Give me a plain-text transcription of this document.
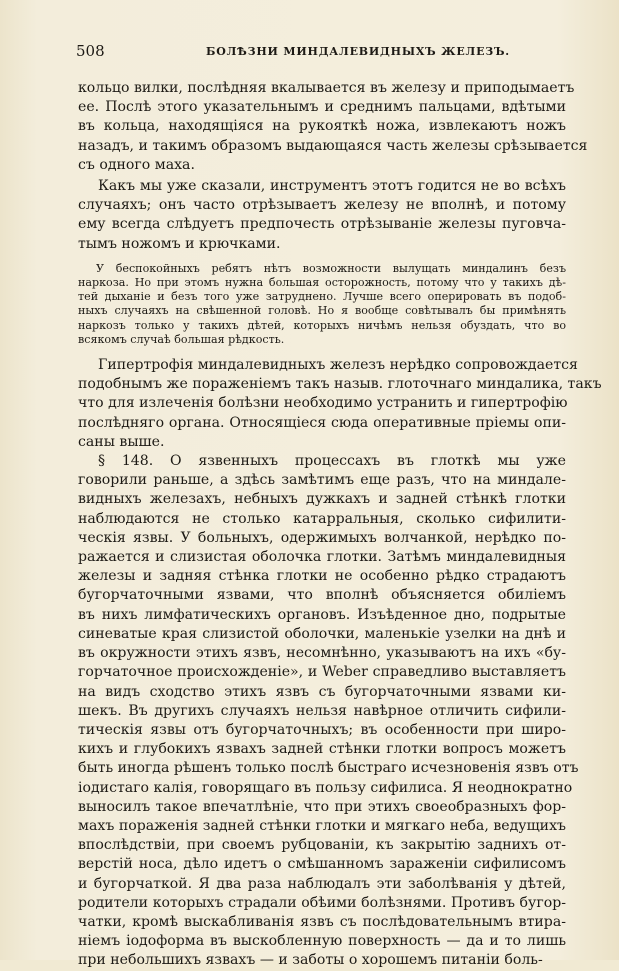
508	БОЛѢЗНИ МИНДАЛЕВИДНЫХЪ ЖЕЛЕЗЪ.
кольцо вилки, послѣдняя вкалывается въ железу и приподымаетъ
ее. Послѣ этого указательнымъ и среднимъ пальцами, вдѣтыми
въ кольца, находящіяся на рукояткѣ ножа, извлекаютъ ножъ
назадъ, и такимъ образомъ выдающаяся часть железы срѣзывается
съ одного маха.
Какъ мы уже сказали, инструментъ этотъ годится не во всѣхъ
случаяхъ; онъ часто отрѣзываетъ железу не вполнѣ, и потому
ему всегда слѣдуетъ предпочесть отрѣзываніе железы пуговча-
тымъ ножомъ и крючками.
У беспокойныхъ ребятъ нѣтъ возможности вылущать миндалинъ безъ
наркоза. Но при этомъ нужна большая осторожность, потому что у такихъ дѣ-
тей дыханіе и безъ того уже затруднено. Лучше всего оперировать въ подоб-
ныхъ случаяхъ на свѣшенной головѣ. Но я вообще совѣтывалъ бы примѣнять
наркозъ только у такихъ дѣтей, которыхъ ничѣмъ нельзя обуздать, что во
всякомъ случаѣ большая рѣдкость.
Гипертрофія миндалевидныхъ железъ нерѣдко сопровождается
подобнымъ же пораженіемъ такъ назыв. глоточнаго миндалика, такъ
что для излеченія болѣзни необходимо устранить и гипертрофію
послѣдняго органа. Относящіеся сюда оперативные пріемы опи-
саны выше.
§ 148. О язвенныхъ процессахъ въ глоткѣ мы уже
говорили раньше, а здѣсь замѣтимъ еще разъ, что на миндале-
видныхъ железахъ, небныхъ дужкахъ и задней стѣнкѣ глотки
наблюдаются не столько катарральныя, сколько сифилити-
ческія язвы. У больныхъ, одержимыхъ волчанкой, нерѣдко по-
ражается и слизистая оболочка глотки. Затѣмъ миндалевидныя
железы и задняя стѣнка глотки не особенно рѣдко страдаютъ
бугорчаточными язвами, что вполнѣ объясняется обиліемъ
въ нихъ лимфатическихъ органовъ. Изъѣденное дно, подрытые
синеватые края слизистой оболочки, маленькіе узелки на днѣ и
въ окружности этихъ язвъ, несомнѣнно, указываютъ на ихъ «бу-
горчаточное происхожденіе», и Weber справедливо выставляетъ
на видъ сходство этихъ язвъ съ бугорчаточными язвами ки-
шекъ. Въ другихъ случаяхъ нельзя навѣрное отличить сифили-
тическія язвы отъ бугорчаточныхъ; въ особенности при широ-
кихъ и глубокихъ язвахъ задней стѣнки глотки вопросъ можетъ
быть иногда рѣшенъ только послѣ быстраго исчезновенія язвъ отъ
іодистаго калія, говорящаго въ пользу сифилиса. Я неоднократно
выносилъ такое впечатлѣніе, что при этихъ своеобразныхъ фор-
махъ пораженія задней стѣнки глотки и мягкаго неба, ведущихъ
впослѣдствіи, при своемъ рубцованіи, къ закрытію заднихъ от-
верстій носа, дѣло идетъ о смѣшанномъ зараженіи сифилисомъ
и бугорчаткой. Я два раза наблюдалъ эти заболѣванія у дѣтей,
родители которыхъ страдали обѣими болѣзнями. Противъ бугор-
чатки, кромѣ выскабливанія язвъ съ послѣдовательнымъ втира-
ніемъ іодоформа въ выскобленную поверхность — да и то лишь
при небольшихъ язвахъ — и заботы о хорошемъ питаніи боль-
